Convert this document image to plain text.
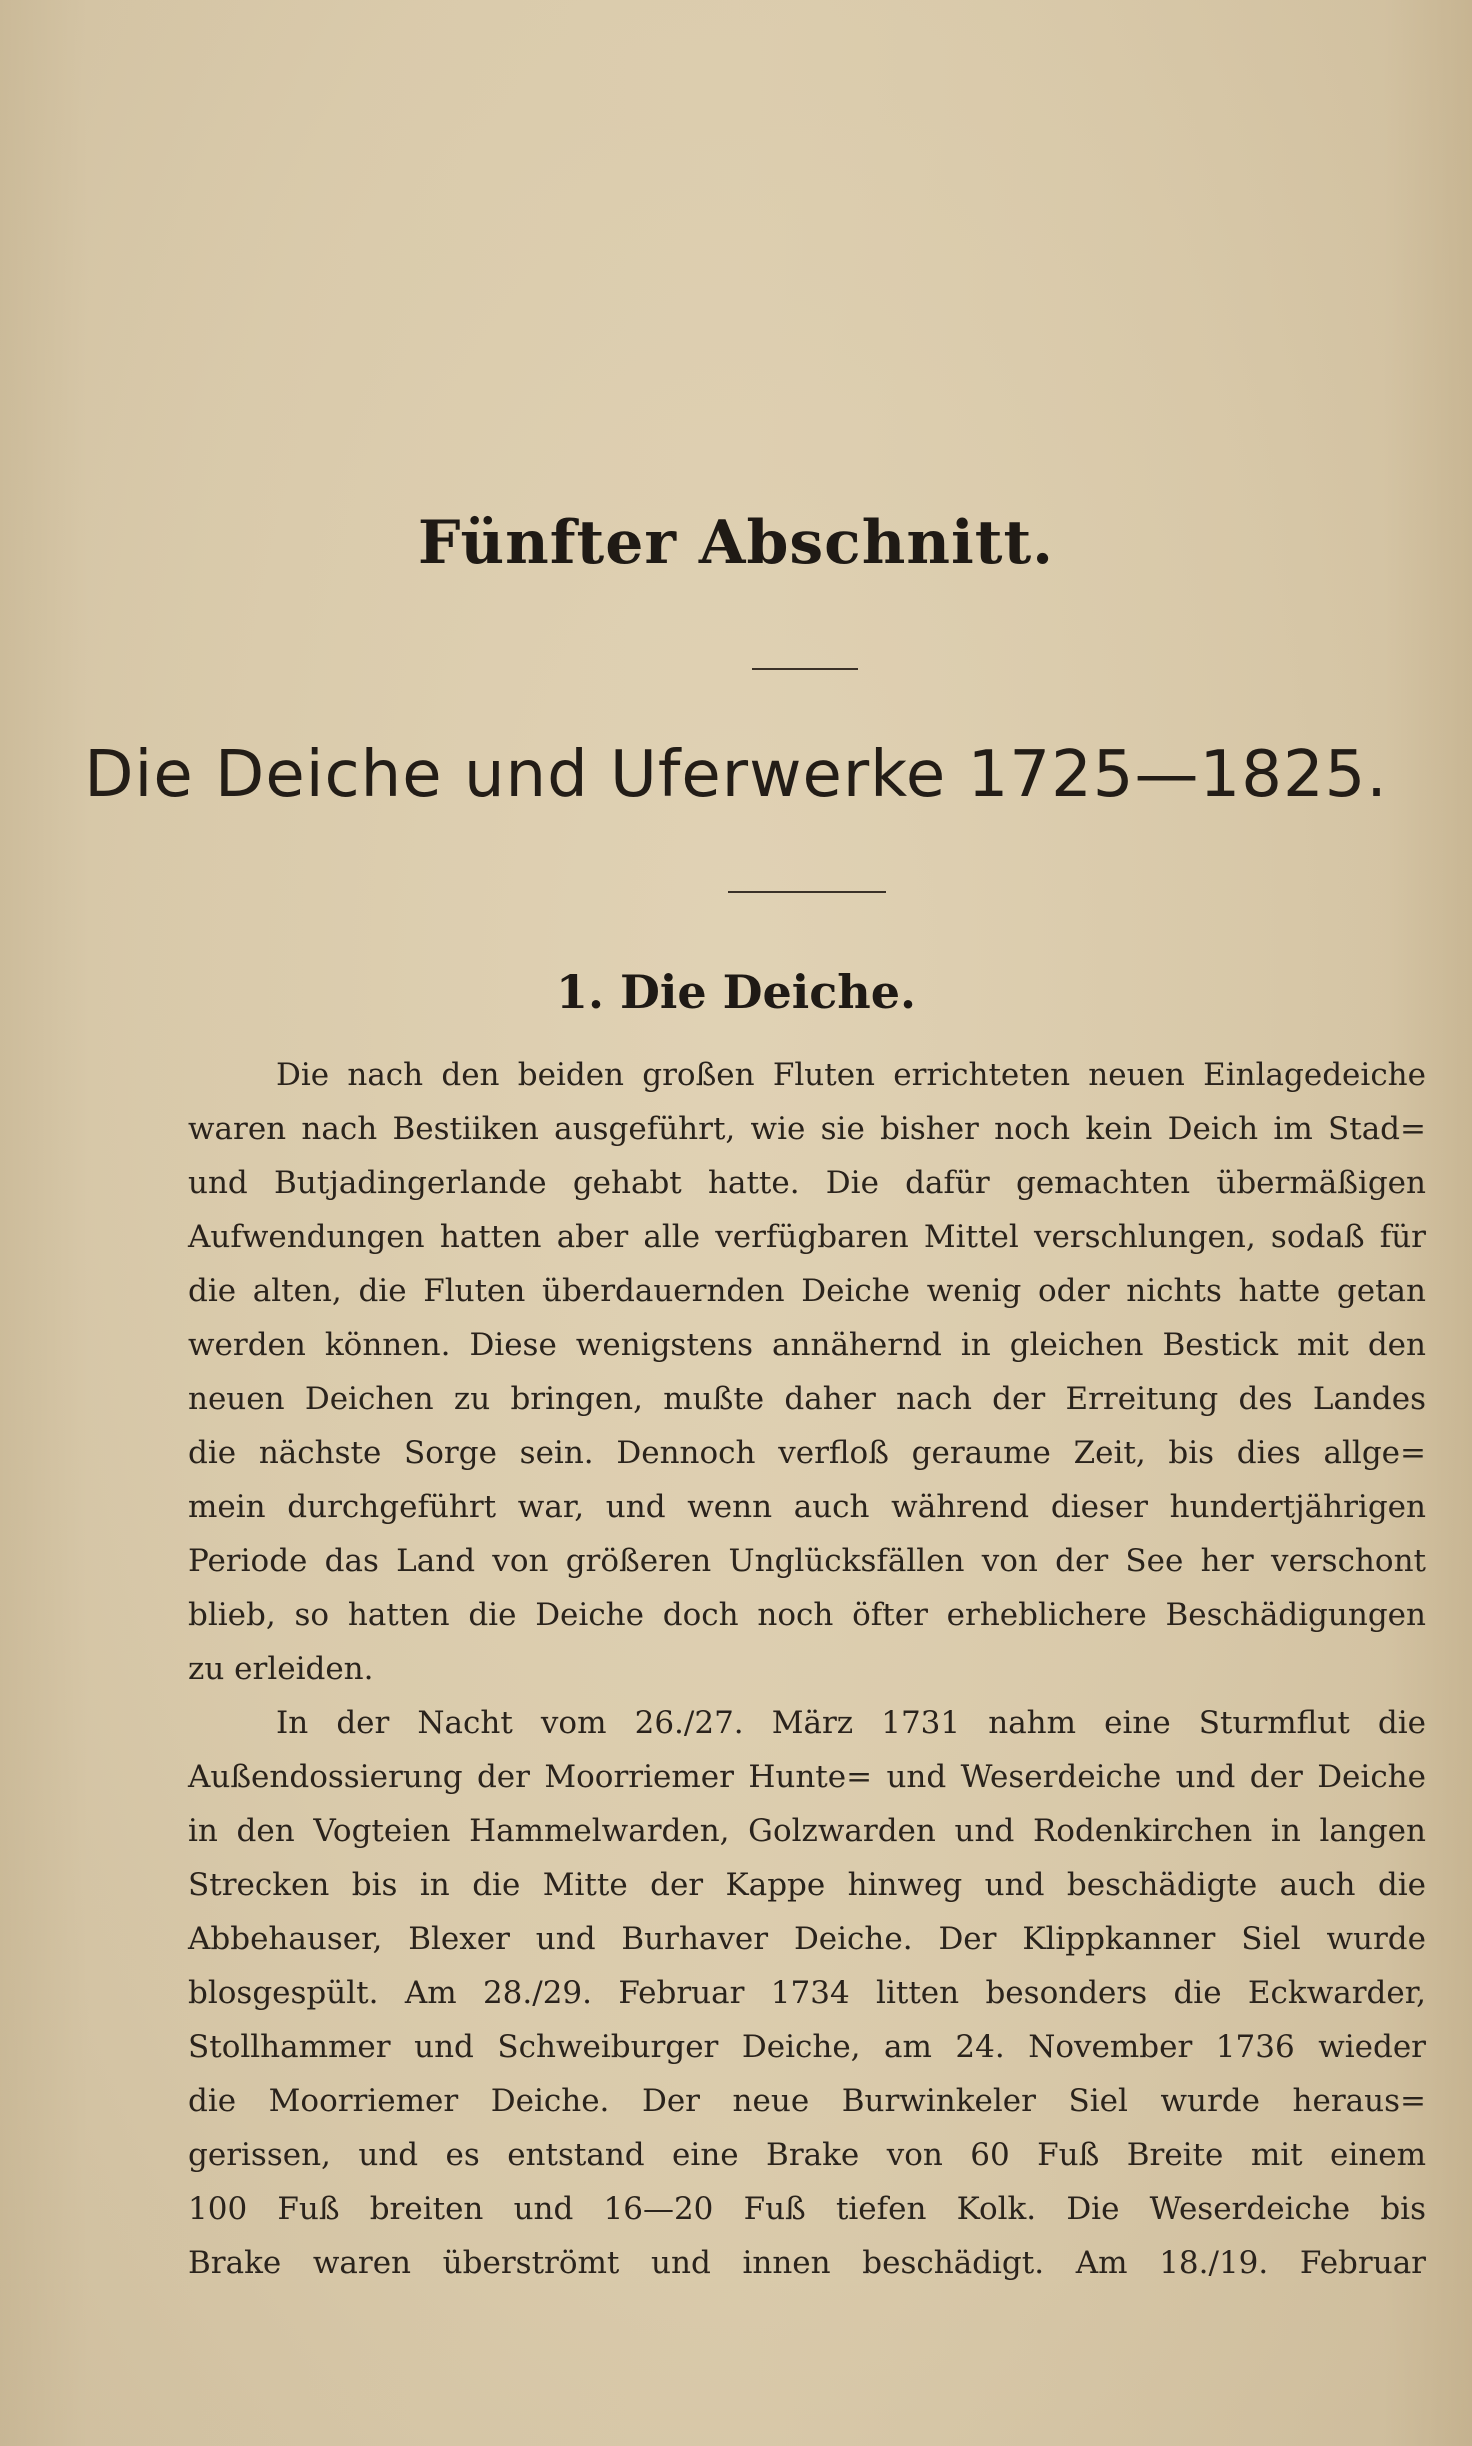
Fünfter Abschnitt.
Die Deiche und Uferwerke 1725—1825.
1. Die Deiche.
Die nach den beiden großen Fluten errichteten neuen Einlagedeiche
waren nach Bestiiken ausgeführt, wie sie bisher noch kein Deich im Stad=
und Butjadingerlande gehabt hatte. Die dafür gemachten übermäßigen
Aufwendungen hatten aber alle verfügbaren Mittel verschlungen, sodaß für
die alten, die Fluten überdauernden Deiche wenig oder nichts hatte getan
werden können. Diese wenigstens annähernd in gleichen Bestick mit den
neuen Deichen zu bringen, mußte daher nach der Erreitung des Landes
die nächste Sorge sein. Dennoch verfloß geraume Zeit, bis dies allge=
mein durchgeführt war, und wenn auch während dieser hundertjährigen
Periode das Land von größeren Unglücksfällen von der See her verschont
blieb, so hatten die Deiche doch noch öfter erheblichere Beschädigungen
zu erleiden.
In der Nacht vom 26./27. März 1731 nahm eine Sturmflut die
Außendossierung der Moorriemer Hunte= und Weserdeiche und der Deiche
in den Vogteien Hammelwarden, Golzwarden und Rodenkirchen in langen
Strecken bis in die Mitte der Kappe hinweg und beschädigte auch die
Abbehauser, Blexer und Burhaver Deiche. Der Klippkanner Siel wurde
blosgespült. Am 28./29. Februar 1734 litten besonders die Eckwarder,
Stollhammer und Schweiburger Deiche, am 24. November 1736 wieder
die Moorriemer Deiche. Der neue Burwinkeler Siel wurde heraus=
gerissen, und es entstand eine Brake von 60 Fuß Breite mit einem
100 Fuß breiten und 16—20 Fuß tiefen Kolk. Die Weserdeiche bis
Brake waren überströmt und innen beschädigt. Am 18./19. Februar
